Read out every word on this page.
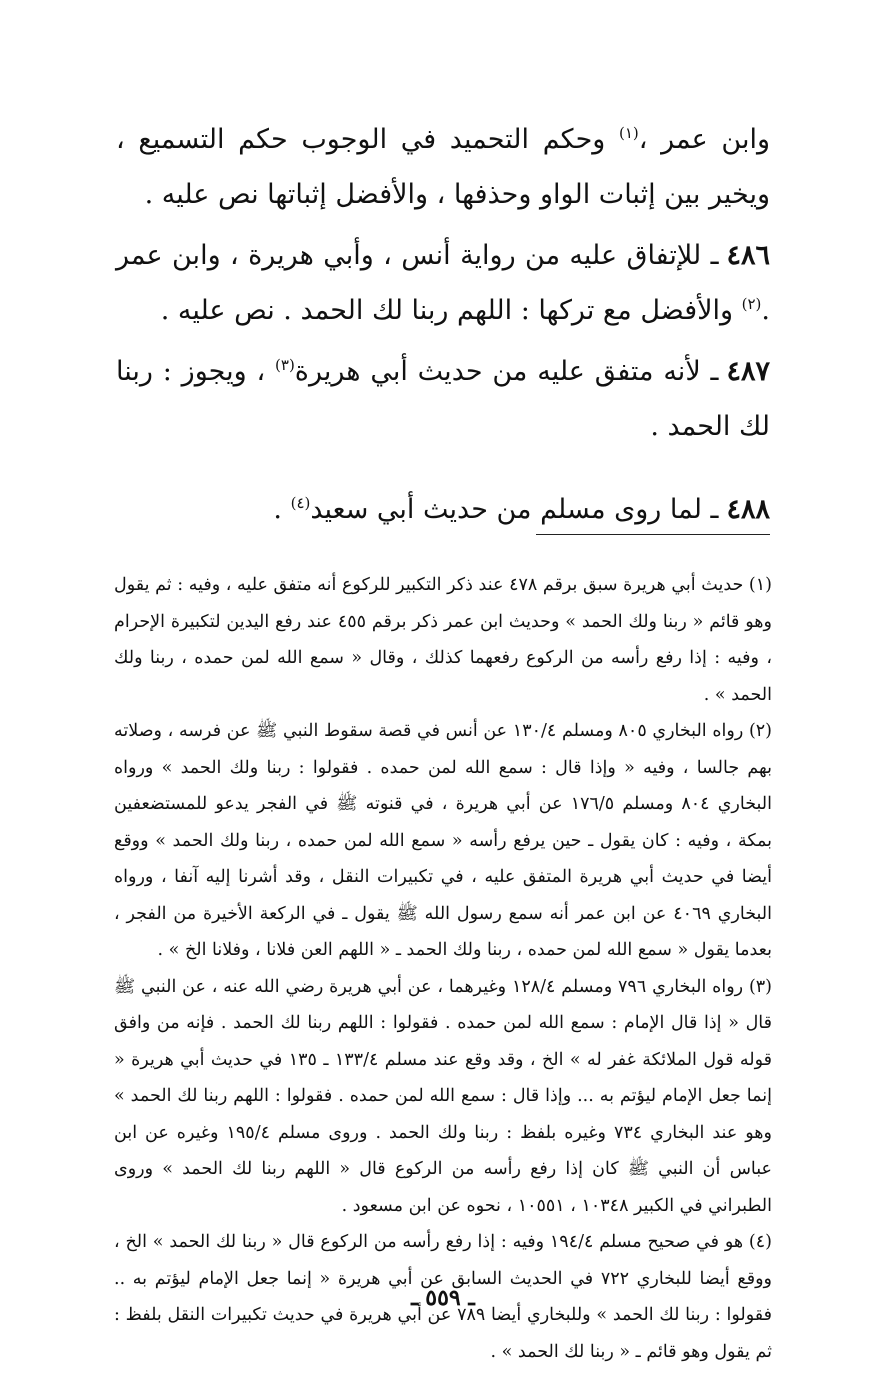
وابن عمر ،$^{(١)}$ وحكم التحميد في الوجوب حكم التسميع ، ويخير بين إثبات الواو وحذفها ، والأفضل إثباتها نص عليه .

٤٨٦ـ للإتفاق عليه من رواية أنس ، وأبي هريرة ، وابن عمر .$^{(٢)}$ والأفضل مع تركها : اللهم ربنا لك الحمد . نص عليه .

٤٨٧ـ لأنه متفق عليه من حديث أبي هريرة$^{(٣)}$ ، ويجوز : ربنا لك الحمد .

٤٨٨ـ لما روى مسلم من حديث أبي سعيد$^{(٤)}$ .

(١) حديث أبي هريرة سبق برقم ٤٧٨ عند ذكر التكبير للركوع أنه متفق عليه ، وفيه : ثم يقول وهو قائم « ربنا ولك الحمد » وحديث ابن عمر ذكر برقم ٤٥٥ عند رفع اليدين لتكبيرة الإحرام ، وفيه : إذا رفع رأسه من الركوع رفعهما كذلك ، وقال « سمع الله لمن حمده ، ربنا ولك الحمد » .

(٢) رواه البخاري ٨٠٥ ومسلم ١٣٠/٤ عن أنس في قصة سقوط النبي ﷺ عن فرسه ، وصلاته بهم جالسا ، وفيه « وإذا قال : سمع الله لمن حمده . فقولوا : ربنا ولك الحمد » ورواه البخاري ٨٠٤ ومسلم ١٧٦/٥ عن أبي هريرة ، في قنوته ﷺ في الفجر يدعو للمستضعفين بمكة ، وفيه : كان يقول ـ حين يرفع رأسه « سمع الله لمن حمده ، ربنا ولك الحمد » ووقع أيضا في حديث أبي هريرة المتفق عليه ، في تكبيرات النقل ، وقد أشرنا إليه آنفا ، ورواه البخاري ٤٠٦٩ عن ابن عمر أنه سمع رسول الله ﷺ يقول ـ في الركعة الأخيرة من الفجر ، بعدما يقول « سمع الله لمن حمده ، ربنا ولك الحمد ـ « اللهم العن فلانا ، وفلانا الخ » .

(٣) رواه البخاري ٧٩٦ ومسلم ١٢٨/٤ وغيرهما ، عن أبي هريرة رضي الله عنه ، عن النبي ﷺ قال « إذا قال الإمام : سمع الله لمن حمده . فقولوا : اللهم ربنا لك الحمد . فإنه من وافق قوله قول الملائكة غفر له » الخ ، وقد وقع عند مسلم ١٣٣/٤ ـ ١٣٥ في حديث أبي هريرة « إنما جعل الإمام ليؤتم به ... وإذا قال : سمع الله لمن حمده . فقولوا : اللهم ربنا لك الحمد » وهو عند البخاري ٧٣٤ وغيره بلفظ : ربنا ولك الحمد . وروى مسلم ١٩٥/٤ وغيره عن ابن عباس أن النبي ﷺ كان إذا رفع رأسه من الركوع قال « اللهم ربنا لك الحمد » وروى الطبراني في الكبير ١٠٣٤٨ ، ١٠٥٥١ ، نحوه عن ابن مسعود .

(٤) هو في صحيح مسلم ١٩٤/٤ وفيه : إذا رفع رأسه من الركوع قال « ربنا لك الحمد » الخ ، ووقع أيضا للبخاري ٧٢٢ في الحديث السابق عن أبي هريرة « إنما جعل الإمام ليؤتم به .. فقولوا : ربنا لك الحمد » وللبخاري أيضا ٧٨٩ عن أبي هريرة في حديث تكبيرات النقل بلفظ : ثم يقول وهو قائم ـ « ربنا لك الحمد » .

ـ ٥٥٩ ـ
